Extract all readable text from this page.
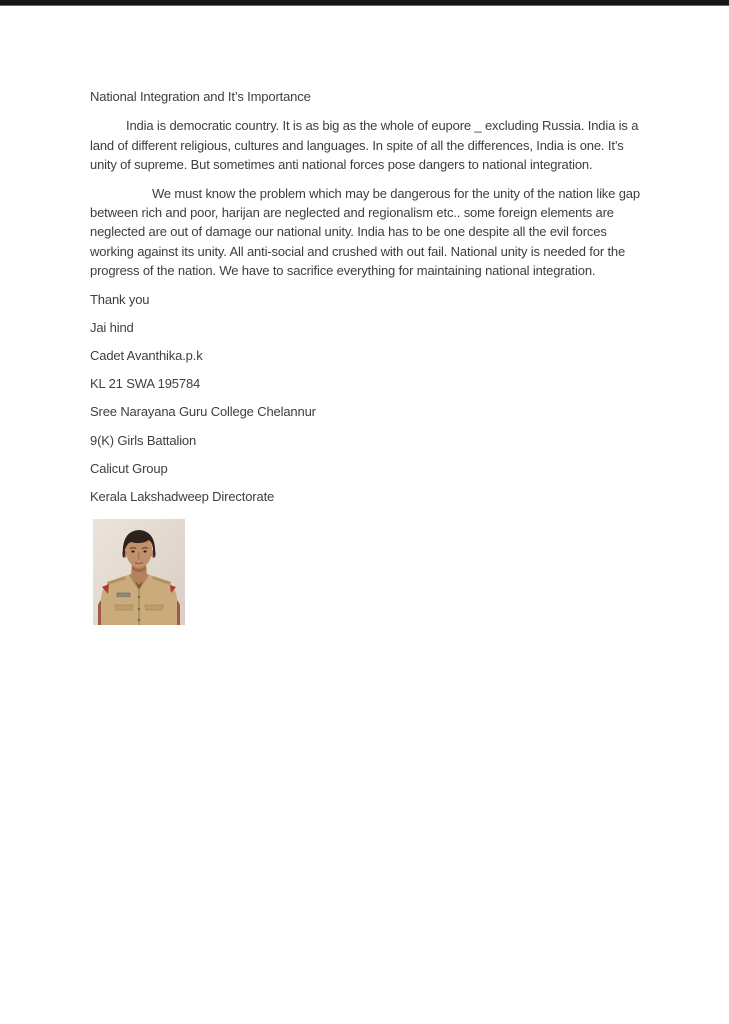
National Integration and It’s Importance

India is democratic country. It is as big as the whole of eupore _ excluding Russia. India is a land of different religious, cultures and languages. In spite of all the differences, India is one. It’s unity of supreme. But sometimes anti national forces pose dangers to national integration.

We must know the problem which may be dangerous for the unity of the nation like gap between rich and poor, harijan are neglected and regionalism etc.. some foreign elements are neglected are out of damage our national unity. India has to be one despite all the evil forces working against its unity. All anti-social and crushed with out fail. National unity is needed for the progress of the nation. We have to sacrifice everything for maintaining national integration.

Thank you

Jai hind

Cadet Avanthika.p.k

KL 21 SWA 195784

Sree Narayana Guru College Chelannur

9(K) Girls Battalion

Calicut Group

Kerala Lakshadweep Directorate
